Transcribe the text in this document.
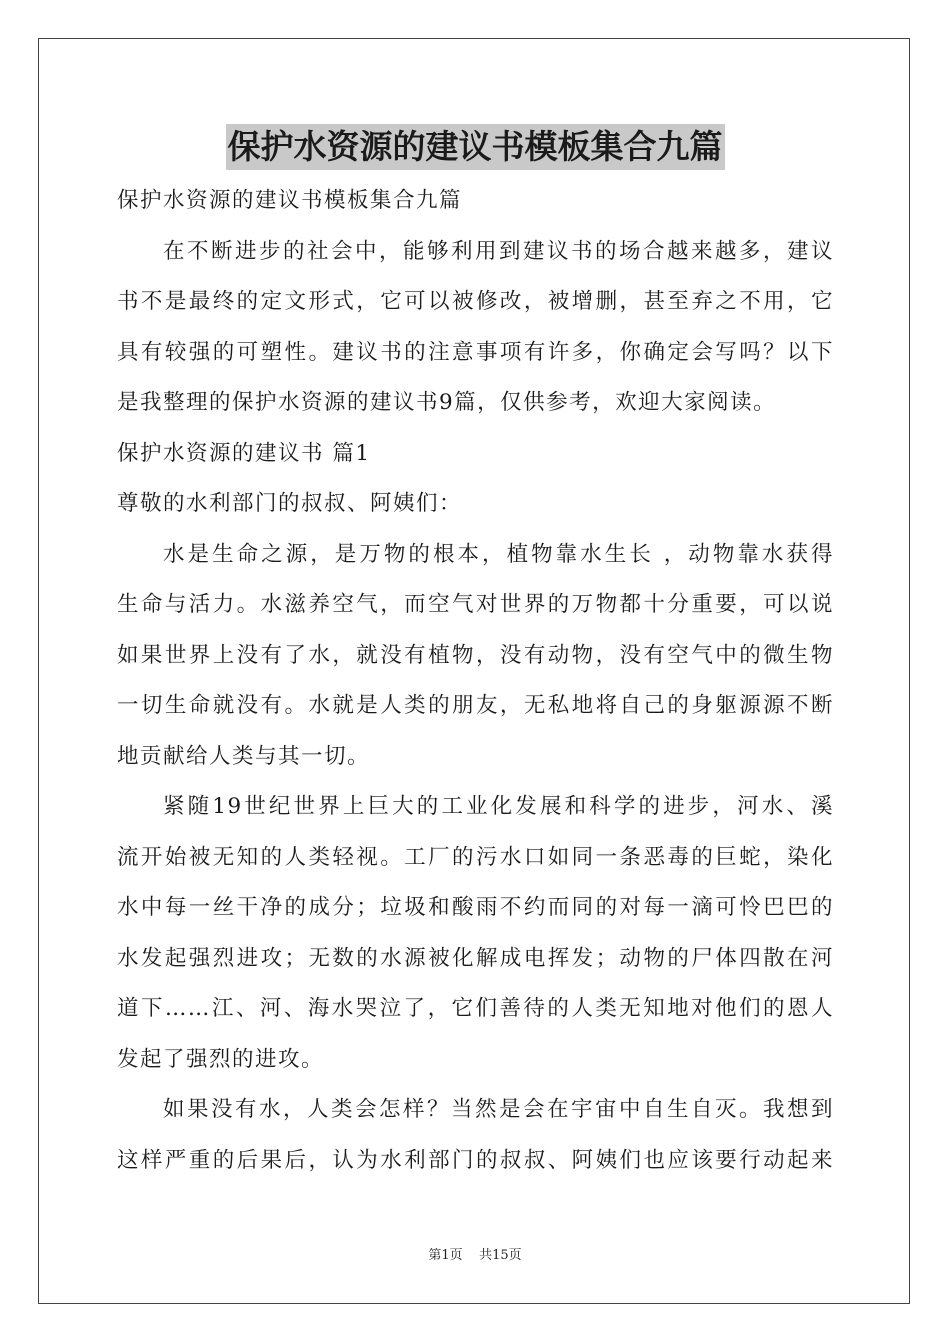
保护水资源的建议书模板集合九篇
保护水资源的建议书模板集合九篇
在不断进步的社会中，能够利用到建议书的场合越来越多，建议
书不是最终的定文形式，它可以被修改，被增删，甚至弃之不用，它
具有较强的可塑性。建议书的注意事项有许多，你确定会写吗？以下
是我整理的保护水资源的建议书9篇，仅供参考，欢迎大家阅读。
保护水资源的建议书 篇1
尊敬的水利部门的叔叔、阿姨们：
水是生命之源，是万物的根本，植物靠水生长 ，动物靠水获得
生命与活力。水滋养空气，而空气对世界的万物都十分重要，可以说
如果世界上没有了水，就没有植物，没有动物，没有空气中的微生物
一切生命就没有。水就是人类的朋友，无私地将自己的身躯源源不断
地贡献给人类与其一切。
紧随19世纪世界上巨大的工业化发展和科学的进步，河水、溪
流开始被无知的人类轻视。工厂的污水口如同一条恶毒的巨蛇，染化
水中每一丝干净的成分；垃圾和酸雨不约而同的对每一滴可怜巴巴的
水发起强烈进攻；无数的水源被化解成电挥发；动物的尸体四散在河
道下……江、河、海水哭泣了，它们善待的人类无知地对他们的恩人
发起了强烈的进攻。
如果没有水，人类会怎样？当然是会在宇宙中自生自灭。我想到
这样严重的后果后，认为水利部门的叔叔、阿姨们也应该要行动起来
第1页    共15页
